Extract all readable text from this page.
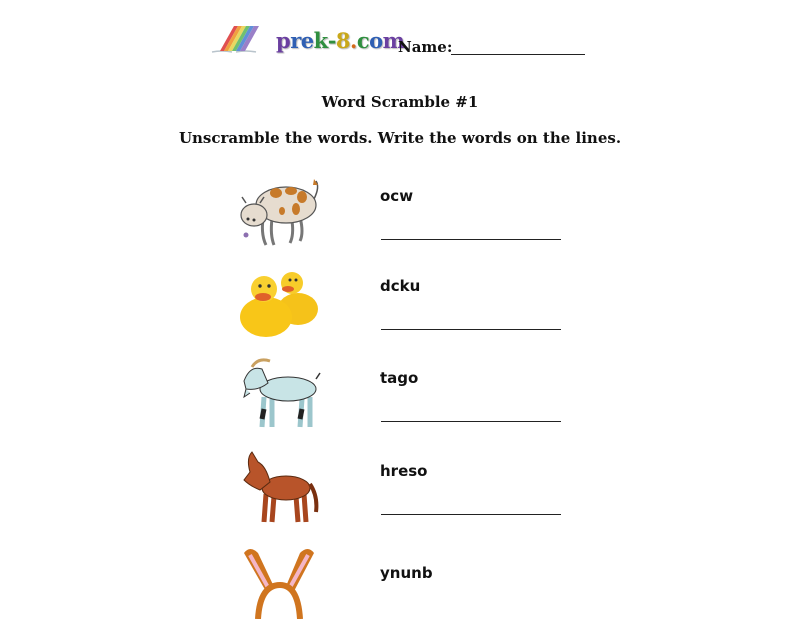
prek-8.com
Name:
Word Scramble #1
Unscramble the words. Write the words on the lines.
ocw
dcku
tago
hreso
ynunb
